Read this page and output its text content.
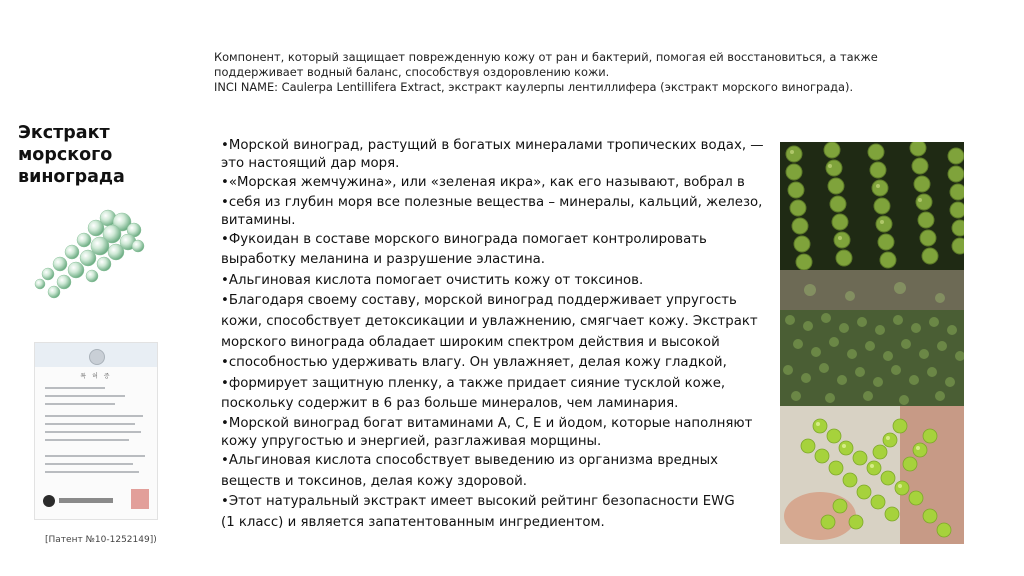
Компонент, который защищает поврежденную кожу от ран и бактерий, помогая ей восстановиться, а также
поддерживает водный баланс, способствуя оздоровлению кожи.
INCI NAME: Caulerpa Lentillifera Extract, экстракт каулерпы лентиллифера (экстракт морского винограда).
Экстракт
морского
винограда
특 허 증
[Патент №10-1252149])
•Морской виноград, растущий в богатых минералами тропических водах, —
это настоящий дар моря.
•«Морская жемчужина», или «зеленая икра», как его называют, вобрал в
•себя из глубин моря все полезные вещества – минералы, кальций, железо,
витамины.
•Фукоидан в составе морского винограда помогает контролировать
выработку меланина и разрушение эластина.
•Альгиновая кислота помогает очистить кожу от токсинов.
•Благодаря своему составу, морской виноград поддерживает упругость
кожи, способствует детоксикации и увлажнению, смягчает кожу. Экстракт
морского винограда обладает широким спектром действия и высокой
•способностью удерживать влагу. Он увлажняет, делая кожу гладкой,
•формирует защитную пленку, а также придает сияние тусклой коже,
поскольку содержит в 6 раз больше минералов, чем ламинария.
•Морской виноград богат витаминами A, C, E и йодом, которые наполняют
кожу упругостью и энергией, разглаживая морщины.
•Альгиновая кислота способствует выведению из организма вредных
веществ и токсинов, делая кожу здоровой.
•Этот натуральный экстракт имеет высокий рейтинг безопасности EWG
(1 класс) и является запатентованным ингредиентом.
